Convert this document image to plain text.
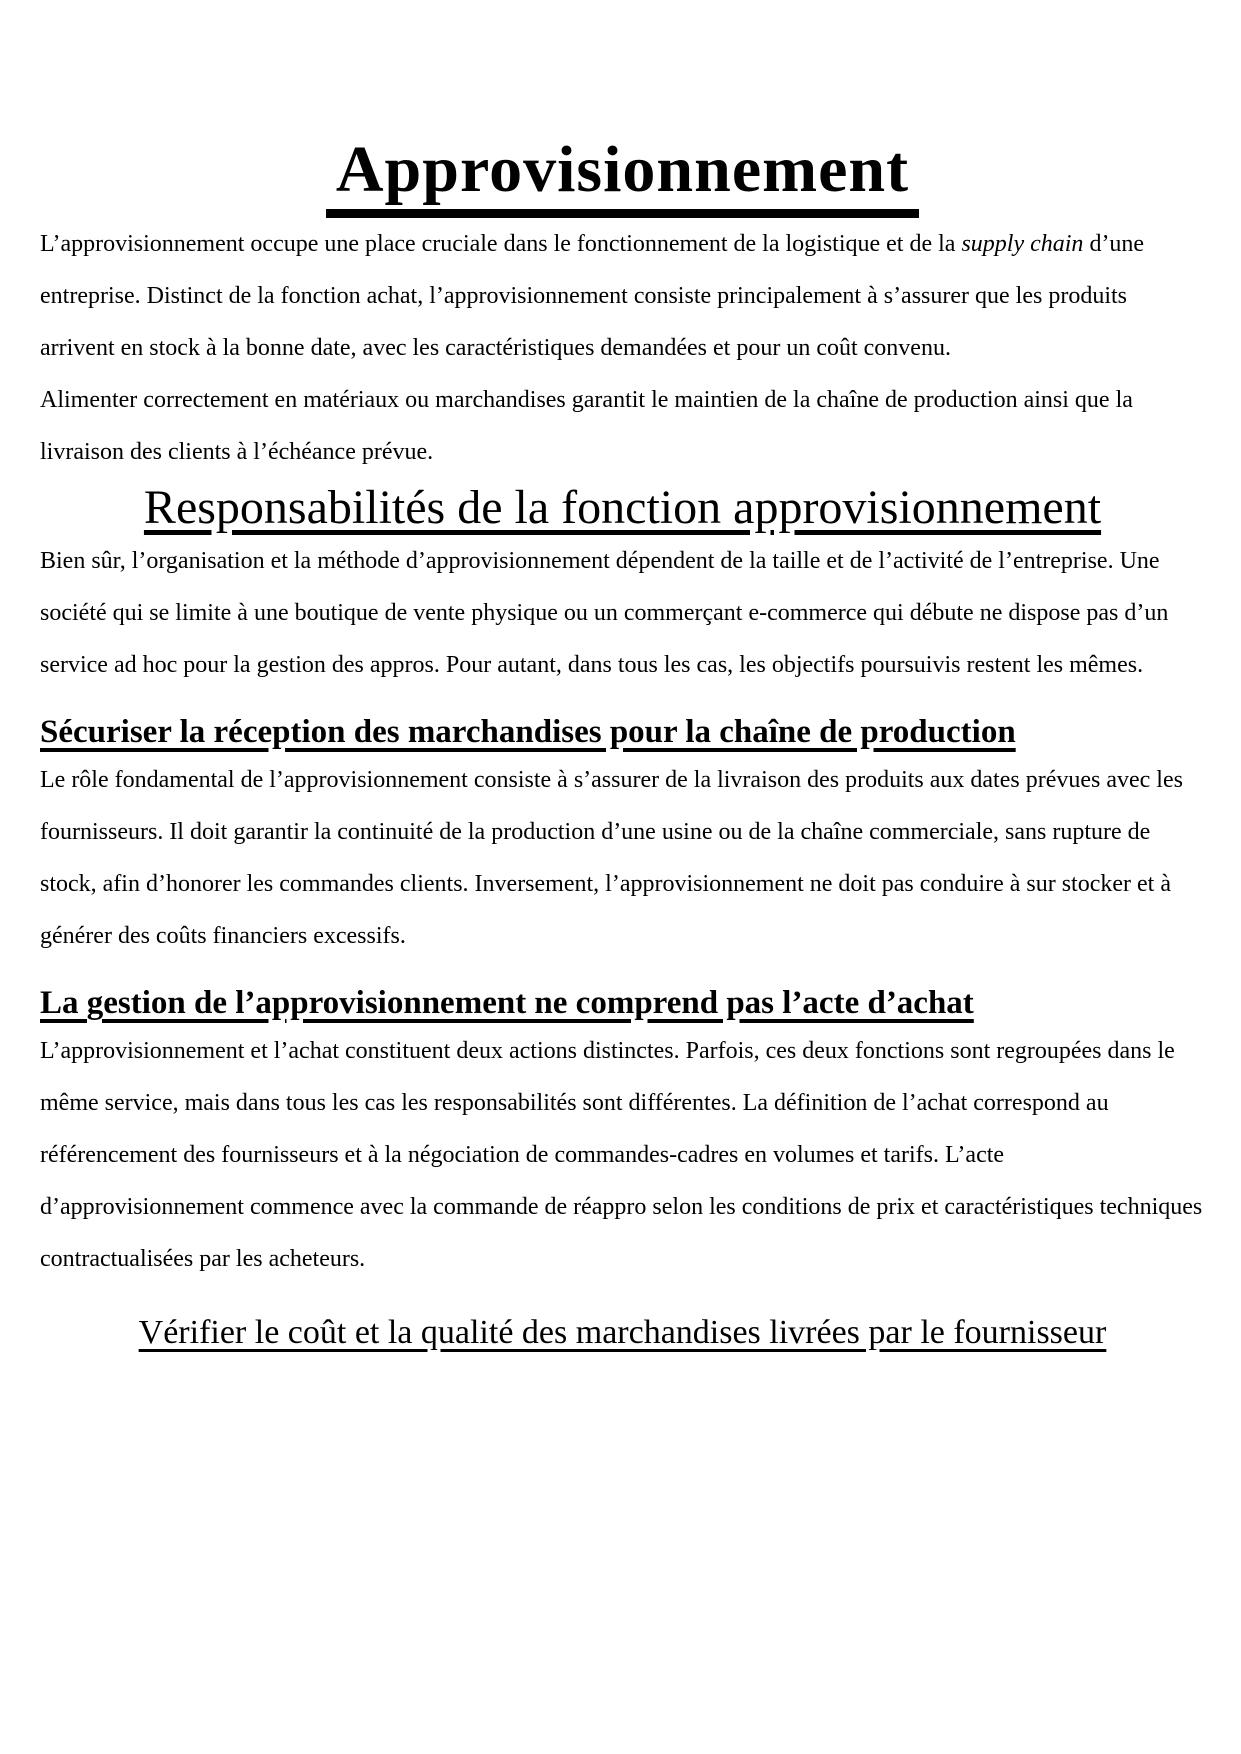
Approvisionnement

L’approvisionnement occupe une place cruciale dans le fonctionnement de la logistique et de la supply chain d’une entreprise. Distinct de la fonction achat, l’approvisionnement consiste principalement à s’assurer que les produits arrivent en stock à la bonne date, avec les caractéristiques demandées et pour un coût convenu.

Alimenter correctement en matériaux ou marchandises garantit le maintien de la chaîne de production ainsi que la livraison des clients à l’échéance prévue.

Responsabilités de la fonction approvisionnement

Bien sûr, l’organisation et la méthode d’approvisionnement dépendent de la taille et de l’activité de l’entreprise. Une société qui se limite à une boutique de vente physique ou un commerçant e-commerce qui débute ne dispose pas d’un service ad hoc pour la gestion des appros. Pour autant, dans tous les cas, les objectifs poursuivis restent les mêmes.

Sécuriser la réception des marchandises pour la chaîne de production

Le rôle fondamental de l’approvisionnement consiste à s’assurer de la livraison des produits aux dates prévues avec les fournisseurs. Il doit garantir la continuité de la production d’une usine ou de la chaîne commerciale, sans rupture de stock, afin d’honorer les commandes clients. Inversement, l’approvisionnement ne doit pas conduire à sur stocker et à générer des coûts financiers excessifs.

La gestion de l’approvisionnement ne comprend pas l’acte d’achat

L’approvisionnement et l’achat constituent deux actions distinctes. Parfois, ces deux fonctions sont regroupées dans le même service, mais dans tous les cas les responsabilités sont différentes. La définition de l’achat correspond au référencement des fournisseurs et à la négociation de commandes-cadres en volumes et tarifs. L’acte d’approvisionnement commence avec la commande de réappro selon les conditions de prix et caractéristiques techniques contractualisées par les acheteurs.

Vérifier le coût et la qualité des marchandises livrées par le fournisseur
